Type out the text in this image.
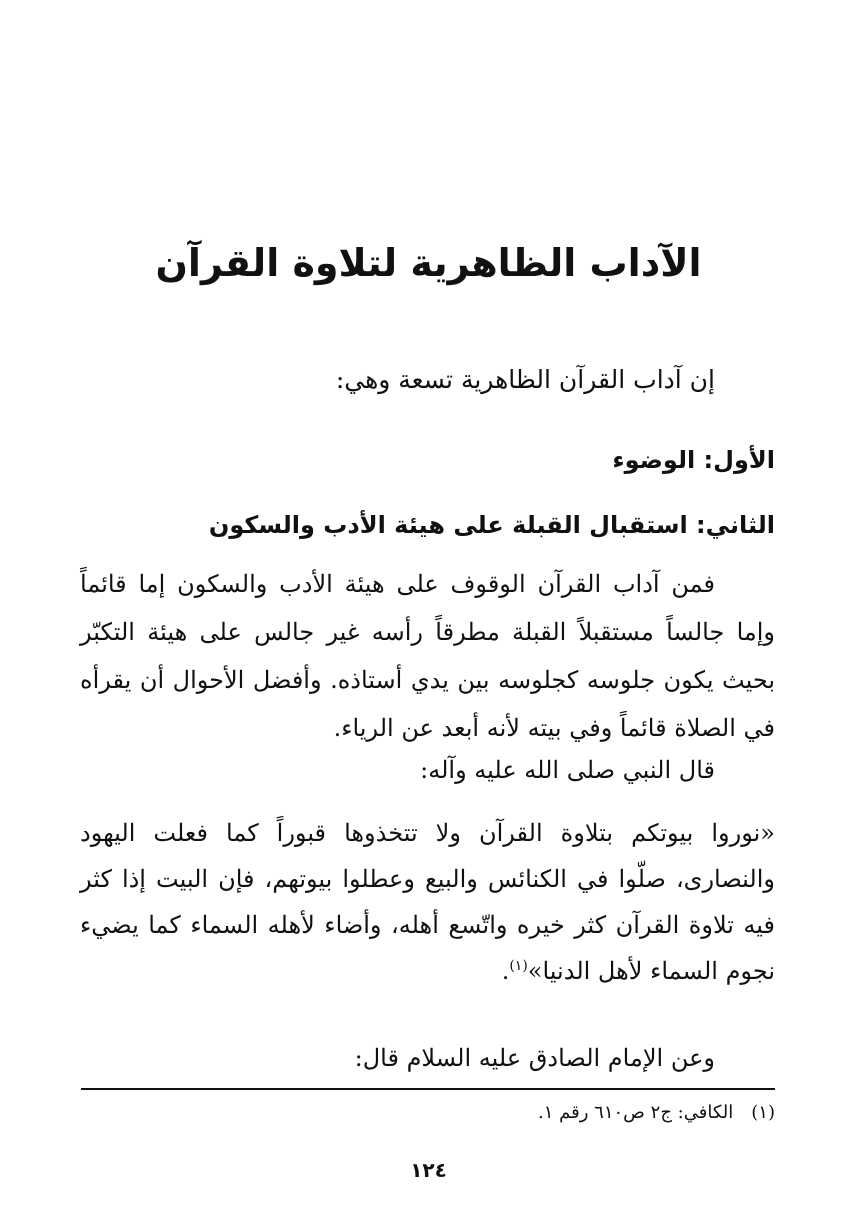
الآداب الظاهرية لتلاوة القرآن
إن آداب القرآن الظاهرية تسعة وهي:
الأول: الوضوء
الثاني: استقبال القبلة على هيئة الأدب والسكون
فمن آداب القرآن الوقوف على هيئة الأدب والسكون إما قائماً وإما جالساً مستقبلاً القبلة مطرقاً رأسه غير جالس على هيئة التكبّر بحيث يكون جلوسه كجلوسه بين يدي أستاذه. وأفضل الأحوال أن يقرأه في الصلاة قائماً وفي بيته لأنه أبعد عن الرياء.
قال النبي صلى الله عليه وآله:
«نوروا بيوتكم بتلاوة القرآن ولا تتخذوها قبوراً كما فعلت اليهود والنصارى، صلّوا في الكنائس والبيع وعطلوا بيوتهم، فإن البيت إذا كثر فيه تلاوة القرآن كثر خيره واتّسع أهله، وأضاء لأهله السماء كما يضيء نجوم السماء لأهل الدنيا»$^{(١)}$.
وعن الإمام الصادق عليه السلام قال:
(١)الكافي: ج٢ ص٦١٠ رقم ١.
١٢٤
